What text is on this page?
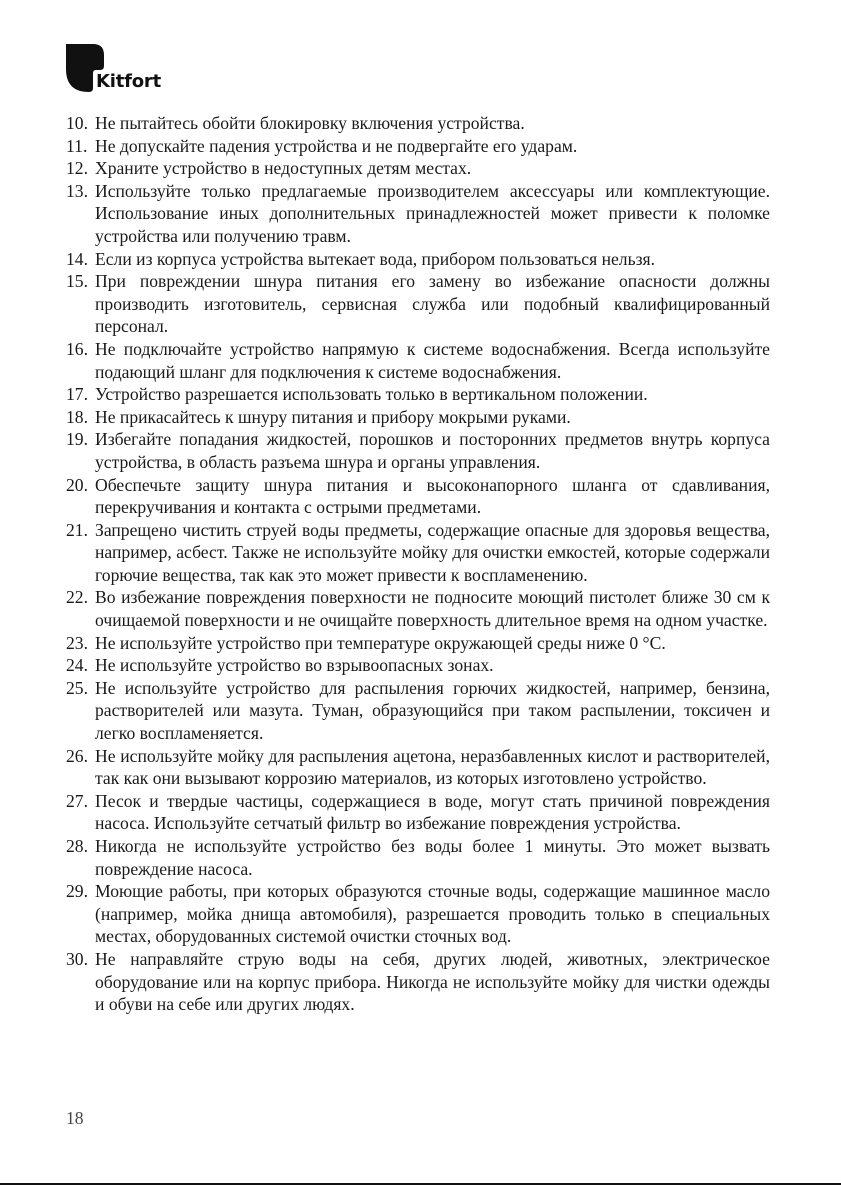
Kitfort
10. Не пытайтесь обойти блокировку включения устройства.
11. Не допускайте падения устройства и не подвергайте его ударам.
12. Храните устройство в недоступных детям местах.
13. Используйте только предлагаемые производителем аксессуары или комплектующие. Использование иных дополнительных принадлежностей может привести к поломке устройства или получению травм.
14. Если из корпуса устройства вытекает вода, прибором пользоваться нельзя.
15. При повреждении шнура питания его замену во избежание опасности должны производить изготовитель, сервисная служба или подобный квалифицированный персонал.
16. Не подключайте устройство напрямую к системе водоснабжения. Всегда используйте подающий шланг для подключения к системе водоснабжения.
17. Устройство разрешается использовать только в вертикальном положении.
18. Не прикасайтесь к шнуру питания и прибору мокрыми руками.
19. Избегайте попадания жидкостей, порошков и посторонних предметов внутрь корпуса устройства, в область разъема шнура и органы управления.
20. Обеспечьте защиту шнура питания и высоконапорного шланга от сдавливания, перекручивания и контакта с острыми предметами.
21. Запрещено чистить струей воды предметы, содержащие опасные для здоровья вещества, например, асбест. Также не используйте мойку для очистки емкостей, которые содержали горючие вещества, так как это может привести к воспламенению.
22. Во избежание повреждения поверхности не подносите моющий пистолет ближе 30 см к очищаемой поверхности и не очищайте поверхность длительное время на одном участке.
23. Не используйте устройство при температуре окружающей среды ниже 0 °С.
24. Не используйте устройство во взрывоопасных зонах.
25. Не используйте устройство для распыления горючих жидкостей, например, бензина, растворителей или мазута. Туман, образующийся при таком распылении, токсичен и легко воспламеняется.
26. Не используйте мойку для распыления ацетона, неразбавленных кислот и растворителей, так как они вызывают коррозию материалов, из которых изготовлено устройство.
27. Песок и твердые частицы, содержащиеся в воде, могут стать причиной повреждения насоса. Используйте сетчатый фильтр во избежание повреждения устройства.
28. Никогда не используйте устройство без воды более 1 минуты. Это может вызвать повреждение насоса.
29. Моющие работы, при которых образуются сточные воды, содержащие машинное масло (например, мойка днища автомобиля), разрешается проводить только в специальных местах, оборудованных системой очистки сточных вод.
30. Не направляйте струю воды на себя, других людей, животных, электрическое оборудование или на корпус прибора. Никогда не используйте мойку для чистки одежды и обуви на себе или других людях.
18
